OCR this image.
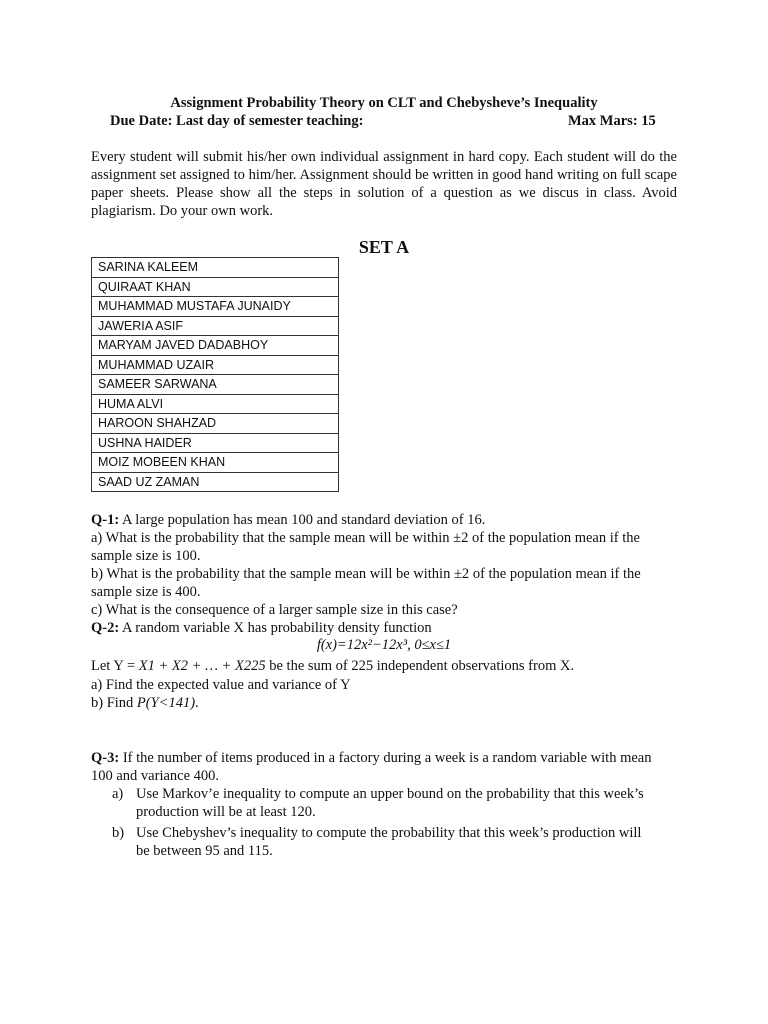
Assignment Probability Theory on CLT and Chebysheve’s Inequality
Due Date: Last day of semester teaching:	Max Mars: 15
Every student will submit his/her own individual assignment in hard copy. Each student will do the assignment set assigned to him/her. Assignment should be written in good hand writing on full scape paper sheets. Please show all the steps in solution of a question as we discus in class. Avoid plagiarism. Do your own work.
SET A
SARINA KALEEM
QUIRAAT KHAN
MUHAMMAD MUSTAFA JUNAIDY
JAWERIA ASIF
MARYAM JAVED DADABHOY
MUHAMMAD UZAIR
SAMEER SARWANA
HUMA ALVI
HAROON SHAHZAD
USHNA HAIDER
MOIZ MOBEEN KHAN
SAAD UZ ZAMAN
Q-1: A large population has mean 100 and standard deviation of 16.
a) What is the probability that the sample mean will be within ±2 of the population mean if the
sample size is 100.
b) What is the probability that the sample mean will be within ±2 of the population mean if the
sample size is 400.
c) What is the consequence of a larger sample size in this case?
Q-2: A random variable X has probability density function
f(x)=12x²−12x³, 0≤x≤1
Let Y = X1 + X2 + … + X225 be the sum of 225 independent observations from X.
a) Find the expected value and variance of Y
b) Find P(Y<141).
Q-3: If the number of items produced in a factory during a week is a random variable with mean
100 and variance 400.
a) Use Markov’e inequality to compute an upper bound on the probability that this week’s
production will be at least 120.
b) Use Chebyshev’s inequality to compute the probability that this week’s production will
be between 95 and 115.
